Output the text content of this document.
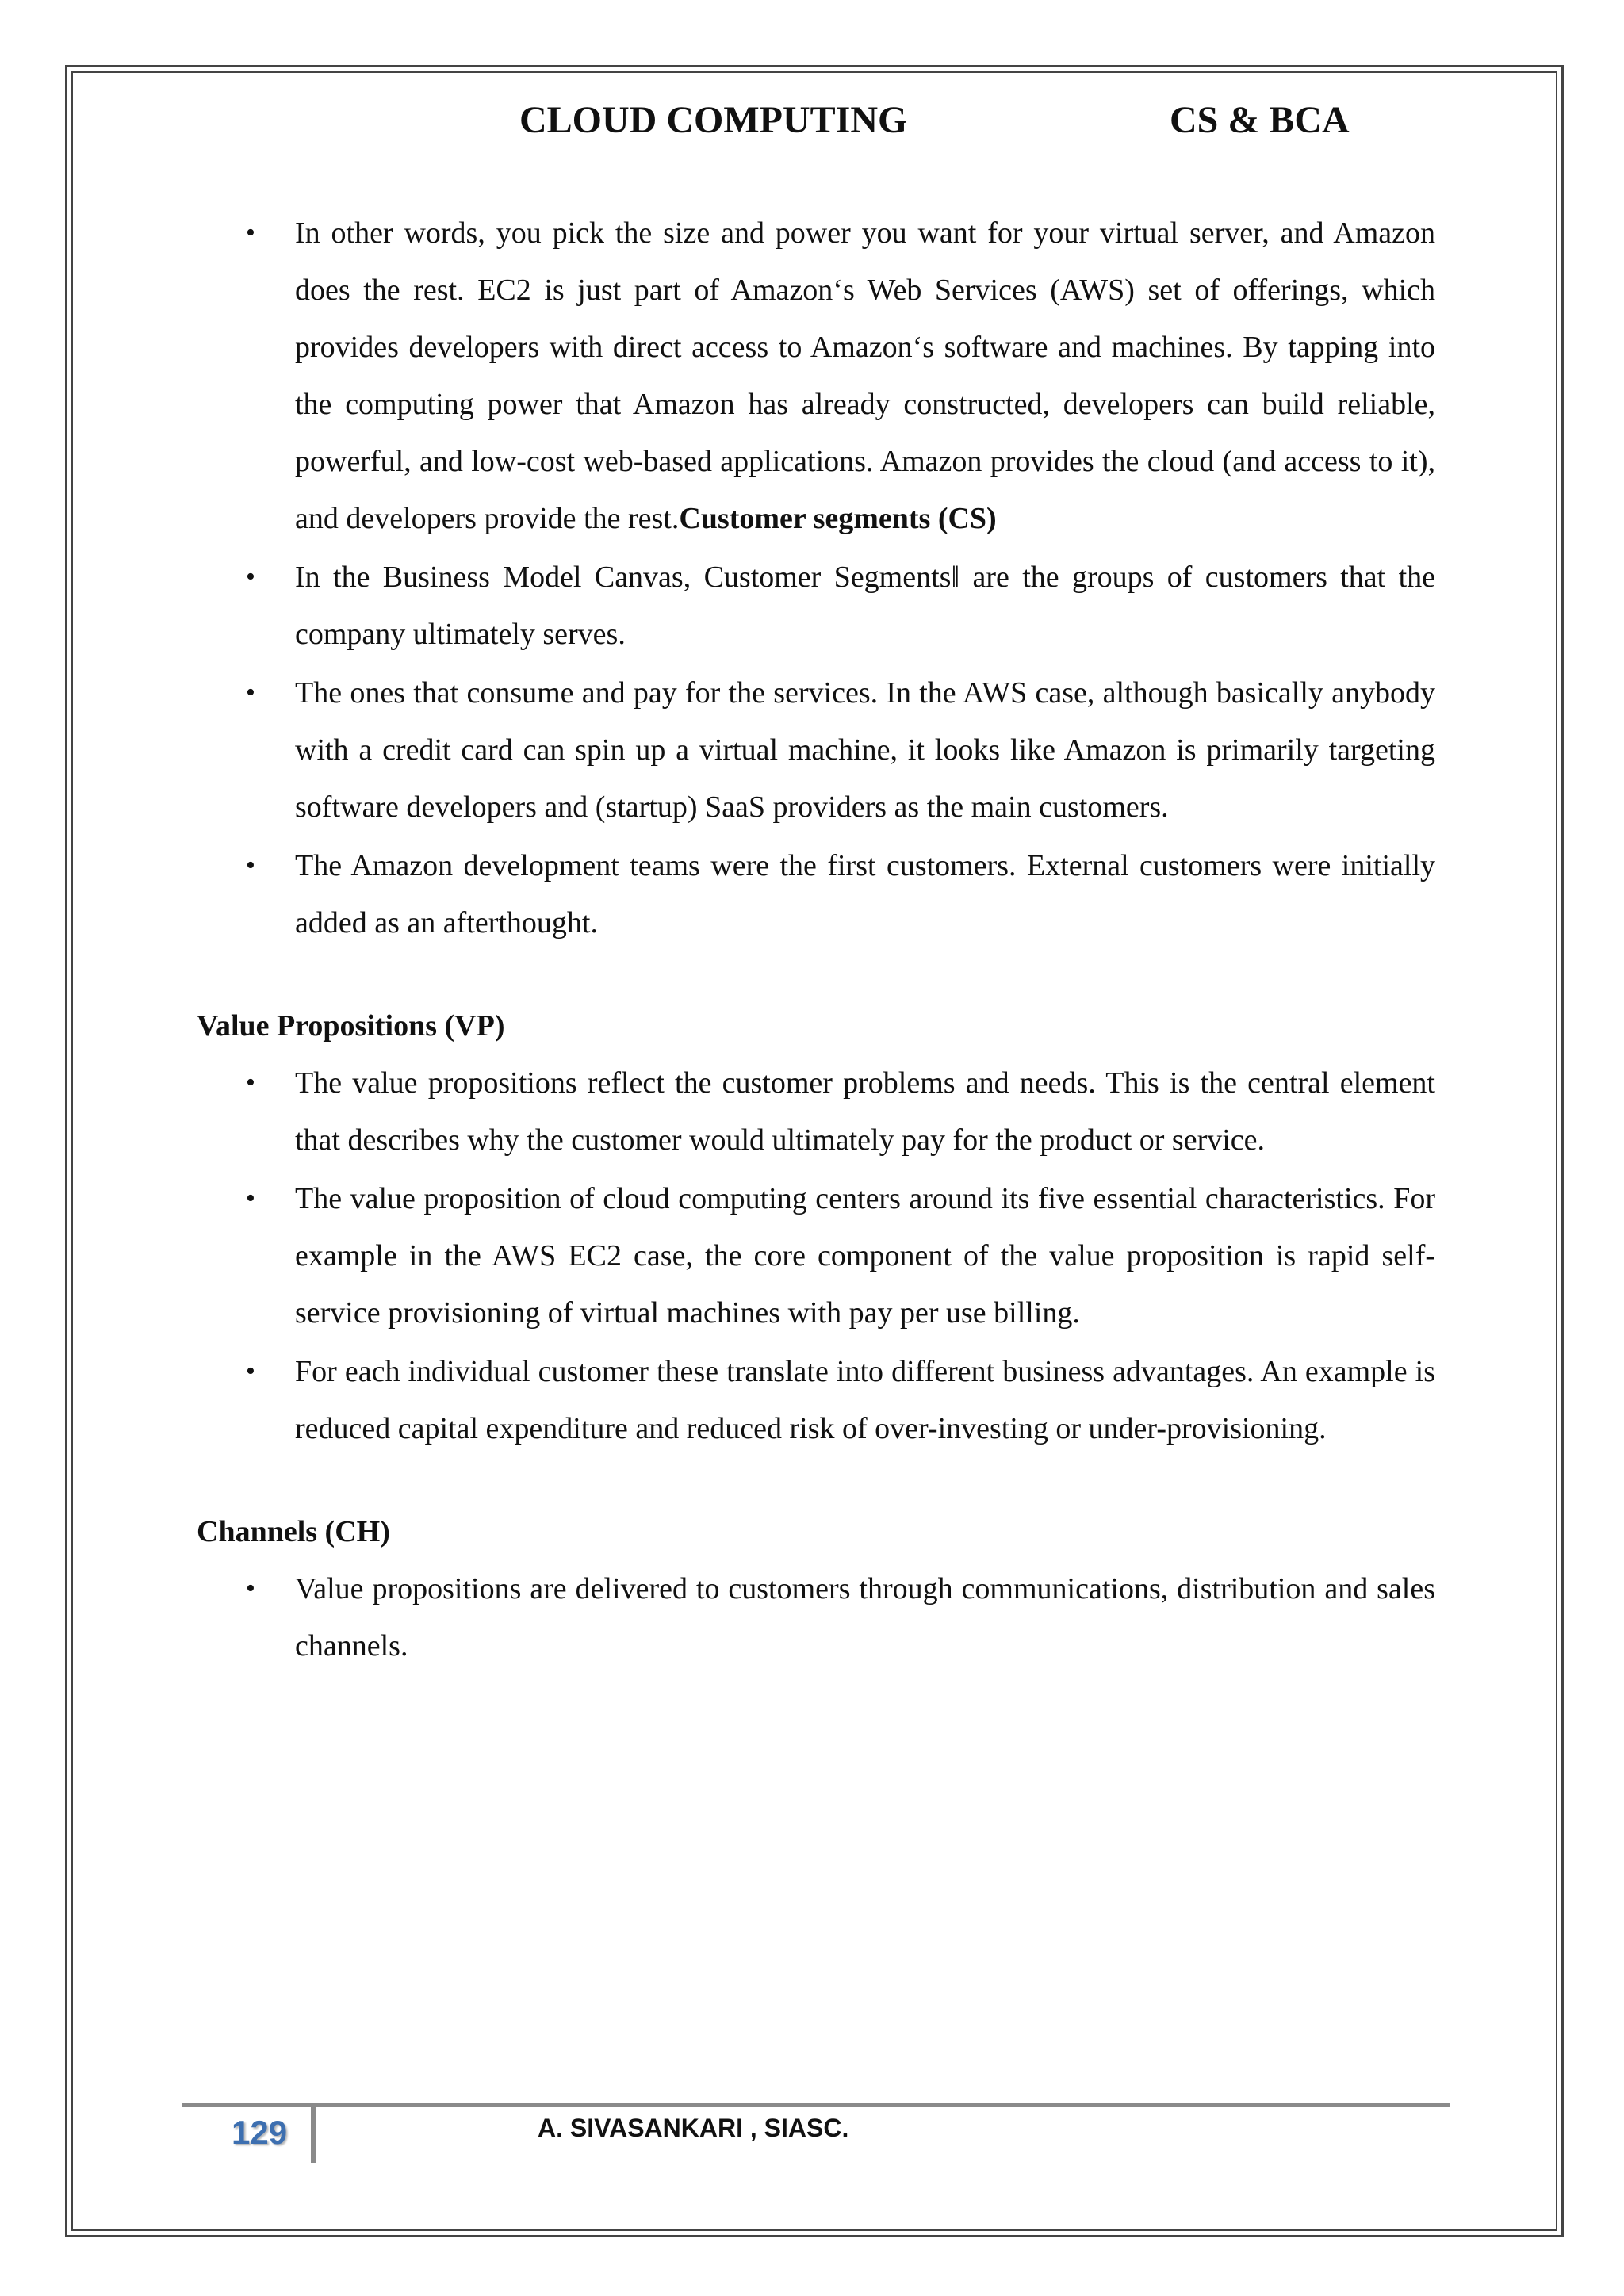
CLOUD COMPUTING	CS & BCA
• In other words, you pick the size and power you want for your virtual server, and Amazon does the rest. EC2 is just part of Amazon‘s Web Services (AWS) set of offerings, which provides developers with direct access to Amazon‘s software and machines. By tapping into the computing power that Amazon has already constructed, developers can build reliable, powerful, and low-cost web-based applications. Amazon provides the cloud (and access to it), and developers provide the rest.Customer segments (CS)
• In the Business Model Canvas, Customer Segments‖ are the groups of customers that the company ultimately serves.
• The ones that consume and pay for the services. In the AWS case, although basically anybody with a credit card can spin up a virtual machine, it looks like Amazon is primarily targeting software developers and (startup) SaaS providers as the main customers.
• The Amazon development teams were the first customers. External customers were initially added as an afterthought.
Value Propositions (VP)
• The value propositions reflect the customer problems and needs. This is the central element that describes why the customer would ultimately pay for the product or service.
• The value proposition of cloud computing centers around its five essential characteristics. For example in the AWS EC2 case, the core component of the value proposition is rapid self-service provisioning of virtual machines with pay per use billing.
• For each individual customer these translate into different business advantages. An example is reduced capital expenditure and reduced risk of over-investing or under-provisioning.
Channels (CH)
• Value propositions are delivered to customers through communications, distribution and sales channels.
129	A. SIVASANKARI , SIASC.
